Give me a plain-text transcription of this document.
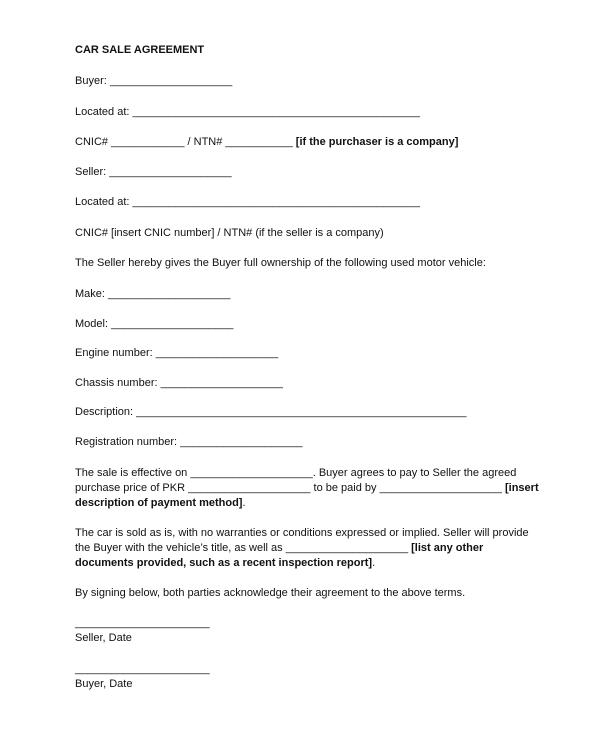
CAR SALE AGREEMENT
Buyer: ____________________
Located at: _______________________________________________
CNIC# ____________ / NTN# ___________ [if the purchaser is a company]
Seller: ____________________
Located at: _______________________________________________
CNIC# [insert CNIC number] / NTN# (if the seller is a company)
The Seller hereby gives the Buyer full ownership of the following used motor vehicle:
Make: ____________________
Model: ____________________
Engine number: ____________________
Chassis number: ____________________
Description: ______________________________________________________
Registration number: ____________________
The sale is effective on ____________________. Buyer agrees to pay to Seller the agreed
purchase price of PKR ____________________ to be paid by ____________________ [insert
description of payment method].
The car is sold as is, with no warranties or conditions expressed or implied. Seller will provide
the Buyer with the vehicle’s title, as well as ____________________ [list any other
documents provided, such as a recent inspection report].
By signing below, both parties acknowledge their agreement to the above terms.
______________________
Seller, Date
______________________
Buyer, Date
